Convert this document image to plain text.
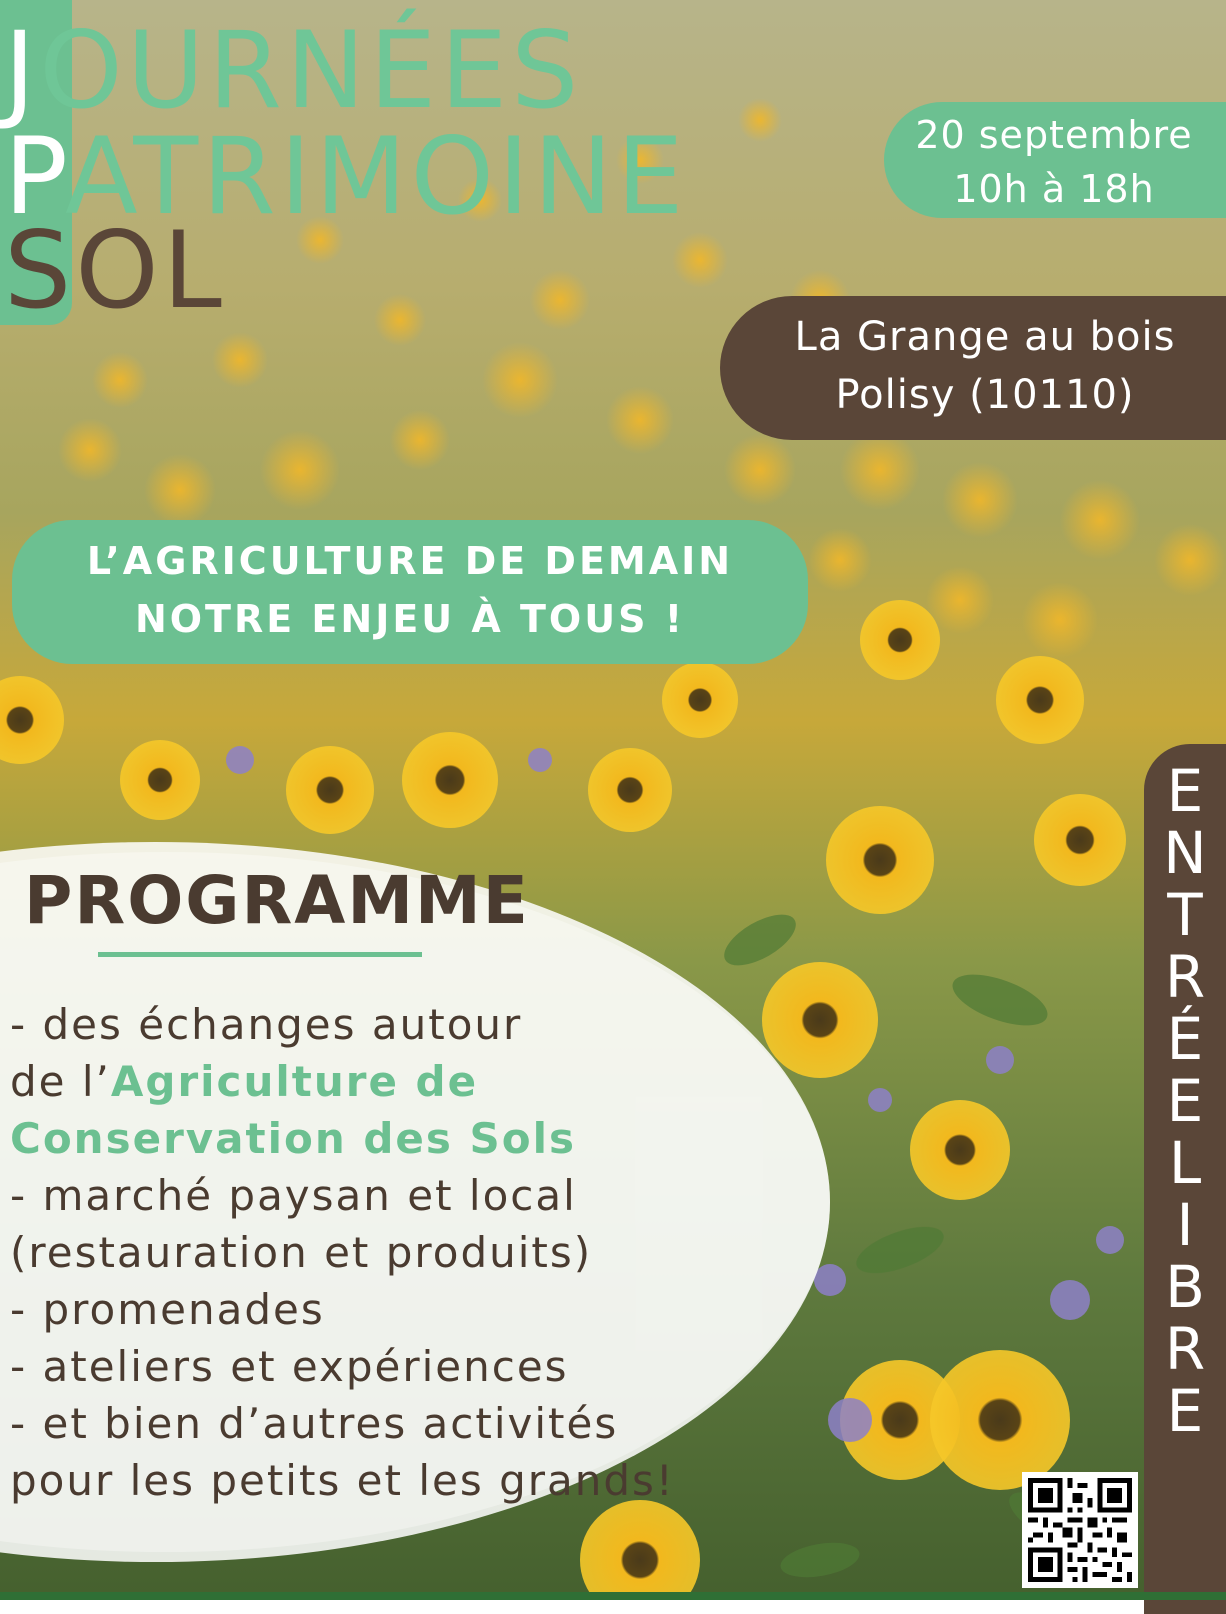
JOURNÉES
PATRIMOINE
SOL
20 septembre
10h à 18h
La Grange au bois
Polisy (10110)
L’AGRICULTURE DE DEMAIN
NOTRE ENJEU À TOUS !
PROGRAMME
- des échanges autour
de l’Agriculture de
Conservation des Sols
- marché paysan et local
(restauration et produits)
- promenades
- ateliers et expériences
- et bien d’autres activités
pour les petits et les grands!
E
N
T
R
É
E
L
I
B
R
E
